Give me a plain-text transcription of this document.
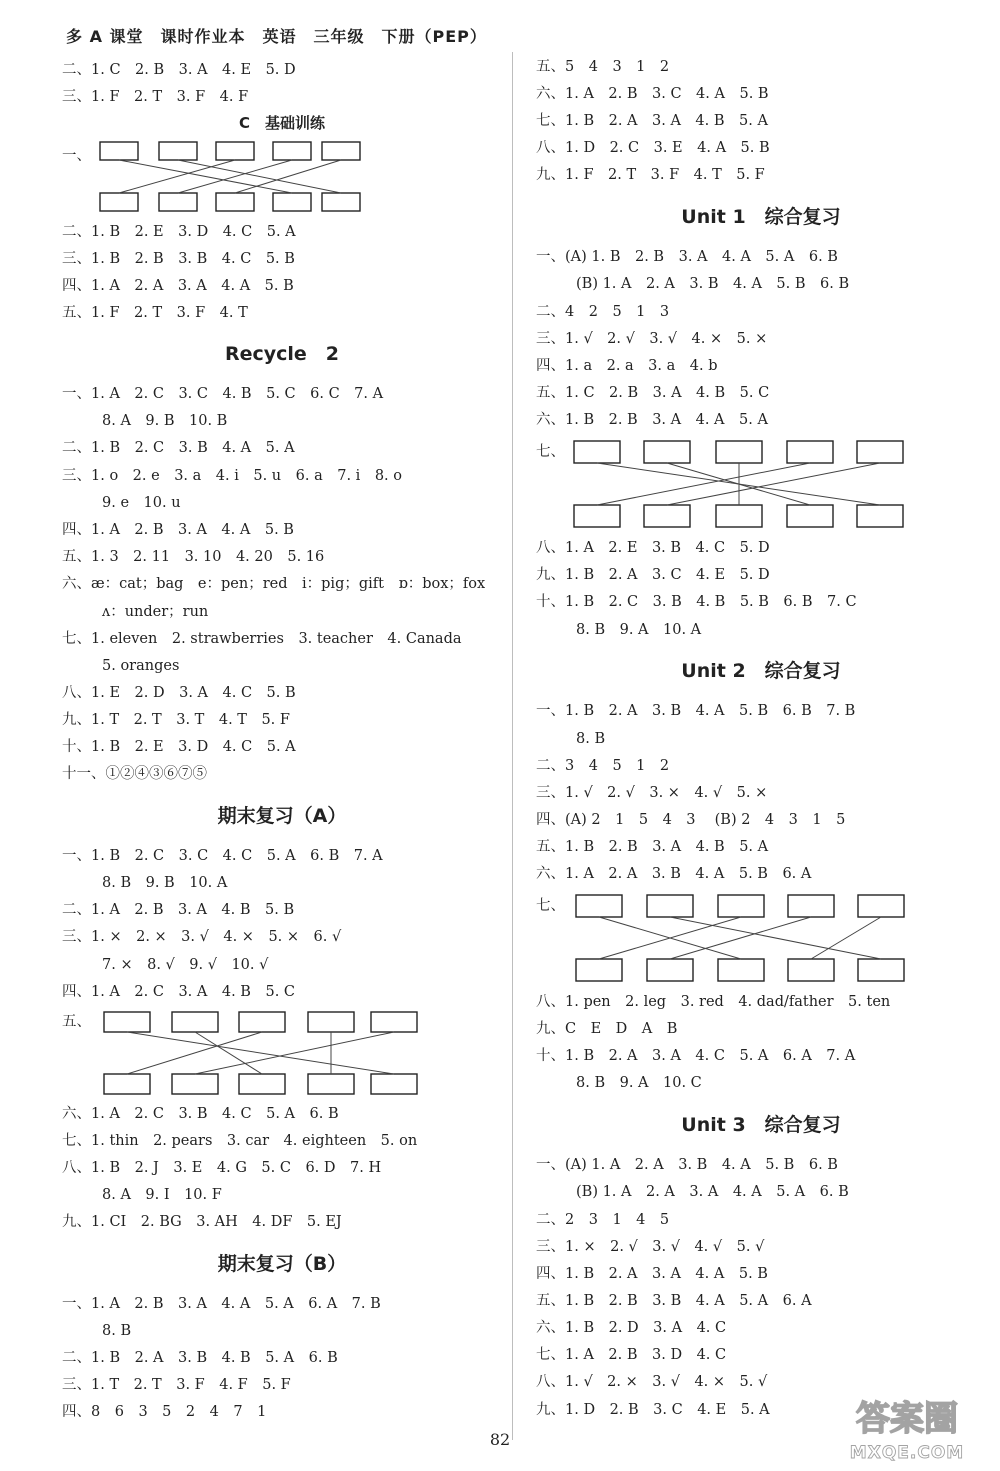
多 A 课堂　课时作业本　英语　三年级　下册（PEP）
二、1. C　2. B　3. A　4. E　5. D
三、1. F　2. T　3. F　4. F
C　基础训练
一、
二、1. B　2. E　3. D　4. C　5. A
三、1. B　2. B　3. B　4. C　5. B
四、1. A　2. A　3. A　4. A　5. B
五、1. F　2. T　3. F　4. T
Recycle　2
一、1. A　2. C　3. C　4. B　5. C　6. C　7. A
8. A　9. B　10. B
二、1. B　2. C　3. B　4. A　5. A
三、1. o　2. e　3. a　4. i　5. u　6. a　7. i　8. o
9. e　10. u
四、1. A　2. B　3. A　4. A　5. B
五、1. 3　2. 11　3. 10　4. 20　5. 16
六、æ：cat；bag　e：pen；red　i：pig；gift　ɒ：box；fox
ʌ：under；run
七、1. eleven　2. strawberries　3. teacher　4. Canada
5. oranges
八、1. E　2. D　3. A　4. C　5. B
九、1. T　2. T　3. T　4. T　5. F
十、1. B　2. E　3. D　4. C　5. A
十一、①②④③⑥⑦⑤
期末复习（A）
一、1. B　2. C　3. C　4. C　5. A　6. B　7. A
8. B　9. B　10. A
二、1. A　2. B　3. A　4. B　5. B
三、1. ×　2. ×　3. √　4. ×　5. ×　6. √
7. ×　8. √　9. √　10. √
四、1. A　2. C　3. A　4. B　5. C
五、
六、1. A　2. C　3. B　4. C　5. A　6. B
七、1. thin　2. pears　3. car　4. eighteen　5. on
八、1. B　2. J　3. E　4. G　5. C　6. D　7. H
8. A　9. I　10. F
九、1. CI　2. BG　3. AH　4. DF　5. EJ
期末复习（B）
一、1. A　2. B　3. A　4. A　5. A　6. A　7. B
8. B
二、1. B　2. A　3. B　4. B　5. A　6. B
三、1. T　2. T　3. F　4. F　5. F
四、8　6　3　5　2　4　7　1
五、5　4　3　1　2
六、1. A　2. B　3. C　4. A　5. B
七、1. B　2. A　3. A　4. B　5. A
八、1. D　2. C　3. E　4. A　5. B
九、1. F　2. T　3. F　4. T　5. F
Unit 1　综合复习
一、(A) 1. B　2. B　3. A　4. A　5. A　6. B
(B) 1. A　2. A　3. B　4. A　5. B　6. B
二、4　2　5　1　3
三、1. √　2. √　3. √　4. ×　5. ×
四、1. a　2. a　3. a　4. b
五、1. C　2. B　3. A　4. B　5. C
六、1. B　2. B　3. A　4. A　5. A
七、
八、1. A　2. E　3. B　4. C　5. D
九、1. B　2. A　3. C　4. E　5. D
十、1. B　2. C　3. B　4. B　5. B　6. B　7. C
8. B　9. A　10. A
Unit 2　综合复习
一、1. B　2. A　3. B　4. A　5. B　6. B　7. B
8. B
二、3　4　5　1　2
三、1. √　2. √　3. ×　4. √　5. ×
四、(A) 2　1　5　4　3　 (B) 2　4　3　1　5
五、1. B　2. B　3. A　4. B　5. A
六、1. A　2. A　3. B　4. A　5. B　6. A
七、
八、1. pen　2. leg　3. red　4. dad/father　5. ten
九、C　E　D　A　B
十、1. B　2. A　3. A　4. C　5. A　6. A　7. A
8. B　9. A　10. C
Unit 3　综合复习
一、(A) 1. A　2. A　3. B　4. A　5. B　6. B
(B) 1. A　2. A　3. A　4. A　5. A　6. B
二、2　3　1　4　5
三、1. ×　2. √　3. √　4. √　5. √
四、1. B　2. A　3. A　4. A　5. B
五、1. B　2. B　3. B　4. A　5. A　6. A
六、1. B　2. D　3. A　4. C
七、1. A　2. B　3. D　4. C
八、1. √　2. ×　3. √　4. ×　5. √
九、1. D　2. B　3. C　4. E　5. A
82
答案圈
MXQE.COM
